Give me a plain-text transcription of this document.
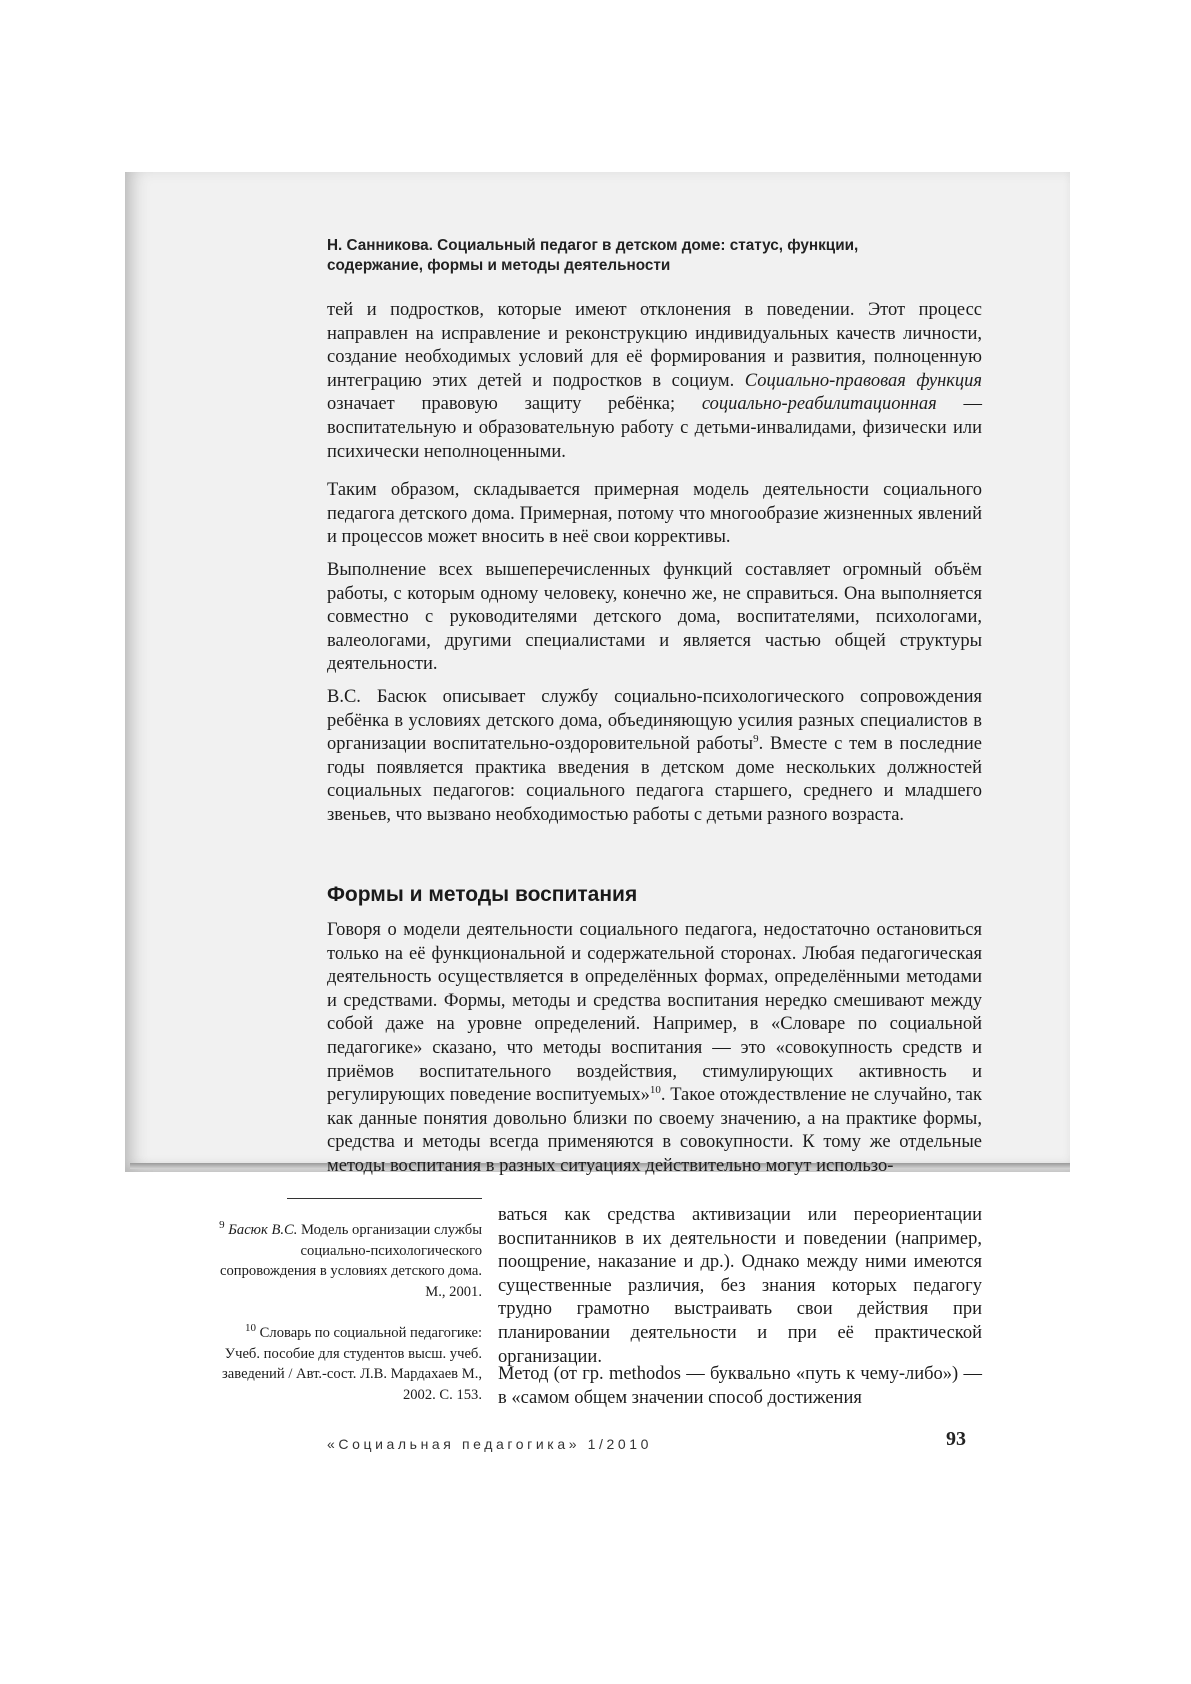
Н. Санникова. Социальный педагог в детском доме: статус, функции,
содержание, формы и методы деятельности

тей и подростков, которые имеют отклонения в поведении. Этот процесс направлен на исправление и реконструкцию индивидуальных качеств личности, создание необходимых условий для её формирования и развития, полноценную интеграцию этих детей и подростков в социум. Социально-правовая функция означает правовую защиту ребёнка; социально-реабилитационная — воспитательную и образовательную работу с детьми-инвалидами, физически или психически неполноценными.

Таким образом, складывается примерная модель деятельности социального педагога детского дома. Примерная, потому что многообразие жизненных явлений и процессов может вносить в неё свои коррективы.

Выполнение всех вышеперечисленных функций составляет огромный объём работы, с которым одному человеку, конечно же, не справиться. Она выполняется совместно с руководителями детского дома, воспитателями, психологами, валеологами, другими специалистами и является частью общей структуры деятельности.

В.С. Басюк описывает службу социально-психологического сопровождения ребёнка в условиях детского дома, объединяющую усилия разных специалистов в организации воспитательно-оздоровительной работы$^9$. Вместе с тем в последние годы появляется практика введения в детском доме нескольких должностей социальных педагогов: социального педагога старшего, среднего и младшего звеньев, что вызвано необходимостью работы с детьми разного возраста.

Формы и методы воспитания

Говоря о модели деятельности социального педагога, недостаточно остановиться только на её функциональной и содержательной сторонах. Любая педагогическая деятельность осуществляется в определённых формах, определёнными методами и средствами. Формы, методы и средства воспитания нередко смешивают между собой даже на уровне определений. Например, в «Словаре по социальной педагогике» сказано, что методы воспитания — это «совокупность средств и приёмов воспитательного воздействия, стимулирующих активность и регулирующих поведение воспитуемых»$^{10}$. Такое отождествление не случайно, так как данные понятия довольно близки по своему значению, а на практике формы, средства и методы всегда применяются в совокупности. К тому же отдельные методы воспитания в разных ситуациях действительно могут использо-

ваться как средства активизации или переориентации воспитанников в их деятельности и поведении (например, поощрение, наказание и др.). Однако между ними имеются существенные различия, без знания которых педагогу трудно грамотно выстраивать свои действия при планировании деятельности и при её практической организации.

Метод (от гр. methodos — буквально «путь к чему-либо») — в «самом общем значении способ достижения

$^9$ Басюк В.С. Модель организации службы социально-психологического сопровождения в условиях детского дома. М., 2001.

$^{10}$ Словарь по социальной педагогике: Учеб. пособие для студентов высш. учеб. заведений / Авт.-сост. Л.В. Мардахаев М., 2002. С. 153.

«Социальная педагогика» 1/2010	93
